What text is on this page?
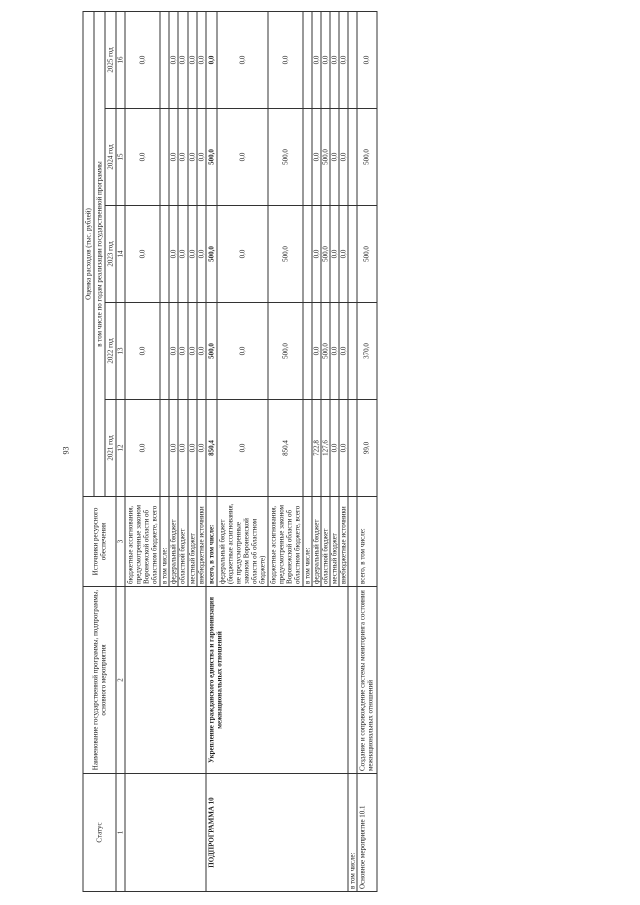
93
Статус	Наименование государственной программы, подпрограммы, основного мероприятия	Источники ресурсного обеспечения	Оценка расходов (тыс. рублей)				
			в том числе по годам реализации государственной программы				
			2021 год	2022 год	2023 год	2024 год	2025 год
1	2	3	12	13	14	15	16
		бюджетные ассигнования, предусмотренные законом Воронежской области об областном бюджете, всего	0,0	0,0	0,0	0,0	0,0
		в том числе:					
		федеральный бюджет	0,0	0,0	0,0	0,0	0,0
		областной бюджет	0,0	0,0	0,0	0,0	0,0
		местный бюджет	0,0	0,0	0,0	0,0	0,0
		внебюджетные источники	0,0	0,0	0,0	0,0	0,0
ПОДПРОГРАММА 10	Укрепление гражданского единства и гармонизация межнациональных отношений	всего, в том числе:	850,4	500,0	500,0	500,0	0,0
		федеральный бюджет (бюджетные ассигнования, не предусмотренные законом Воронежской области об областном бюджете)	0,0	0,0	0,0	0,0	0,0
		бюджетные ассигнования, предусмотренные законом Воронежской области об областном бюджете, всего	850,4	500,0	500,0	500,0	0,0
		в том числе:					
		федеральный бюджет	722,8	0,0	0,0	0,0	0,0
		областной бюджет	127,6	500,0	500,0	500,0	0,0
		местный бюджет	0,0	0,0	0,0	0,0	0,0
		внебюджетные источники	0,0	0,0	0,0	0,0	0,0
в том числе:							
Основное мероприятие 10.1	Создание и сопровождение системы мониторинга состояния межнациональных отношений	всего, в том числе:	99,0	370,0	500,0	500,0	0,0
